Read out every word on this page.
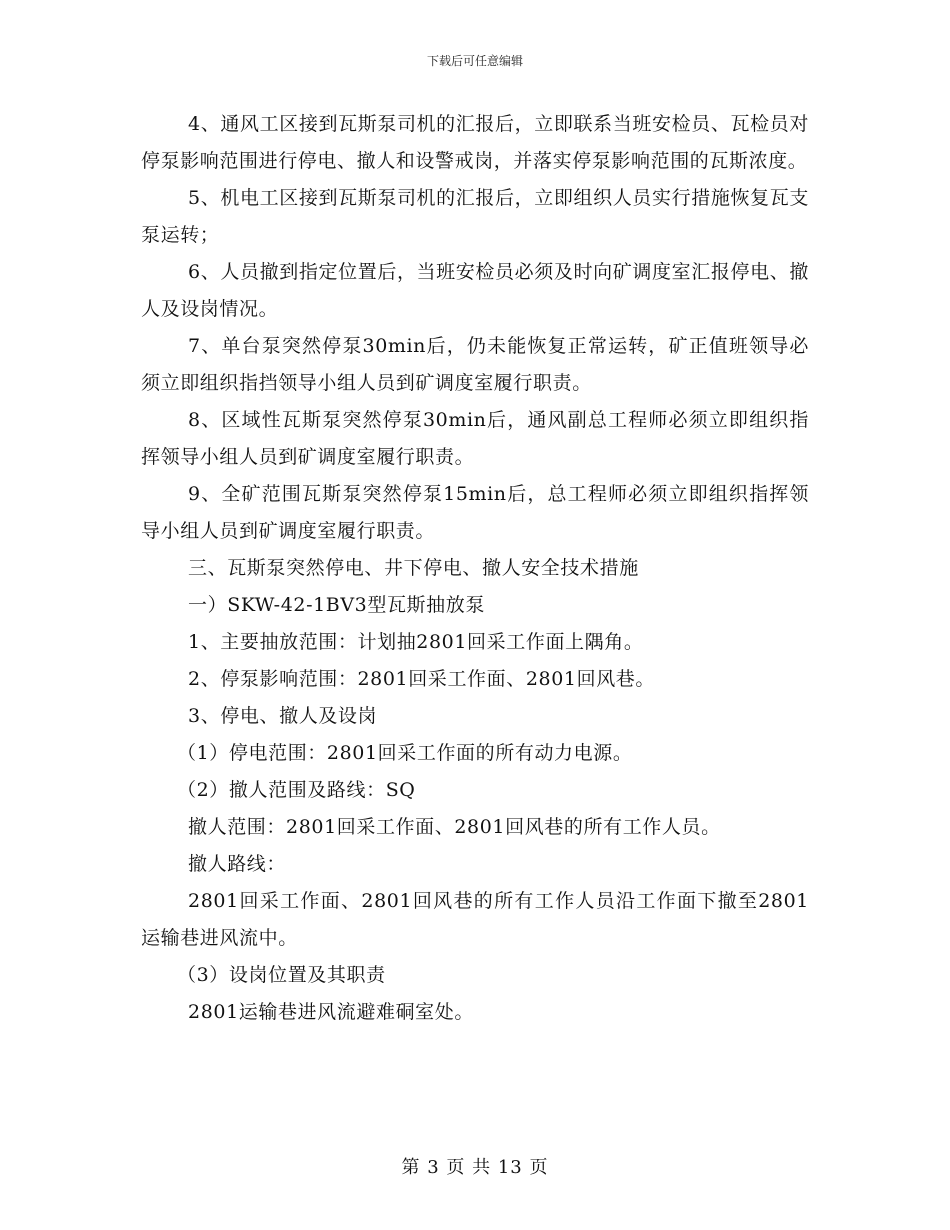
下载后可任意编辑

4、通风工区接到瓦斯泵司机的汇报后，立即联系当班安检员、瓦检员对停泵影响范围进行停电、撤人和设警戒岗，并落实停泵影响范围的瓦斯浓度。

5、机电工区接到瓦斯泵司机的汇报后，立即组织人员实行措施恢复瓦支泵运转；

6、人员撤到指定位置后，当班安检员必须及时向矿调度室汇报停电、撤人及设岗情况。

7、单台泵突然停泵30min后，仍未能恢复正常运转，矿正值班领导必须立即组织指挡领导小组人员到矿调度室履行职责。

8、区域性瓦斯泵突然停泵30min后，通风副总工程师必须立即组织指挥领导小组人员到矿调度室履行职责。

9、全矿范围瓦斯泵突然停泵15min后，总工程师必须立即组织指挥领导小组人员到矿调度室履行职责。

三、瓦斯泵突然停电、井下停电、撤人安全技术措施

一）SKW-42-1BV3型瓦斯抽放泵

1、主要抽放范围：计划抽2801回采工作面上隅角。

2、停泵影响范围：2801回采工作面、2801回风巷。

3、停电、撤人及设岗

（1）停电范围：2801回采工作面的所有动力电源。

（2）撤人范围及路线：SQ

撤人范围：2801回采工作面、2801回风巷的所有工作人员。

撤人路线：

2801回采工作面、2801回风巷的所有工作人员沿工作面下撤至2801运输巷进风流中。

（3）设岗位置及其职责

2801运输巷进风流避难硐室处。

第 3 页 共 13 页
